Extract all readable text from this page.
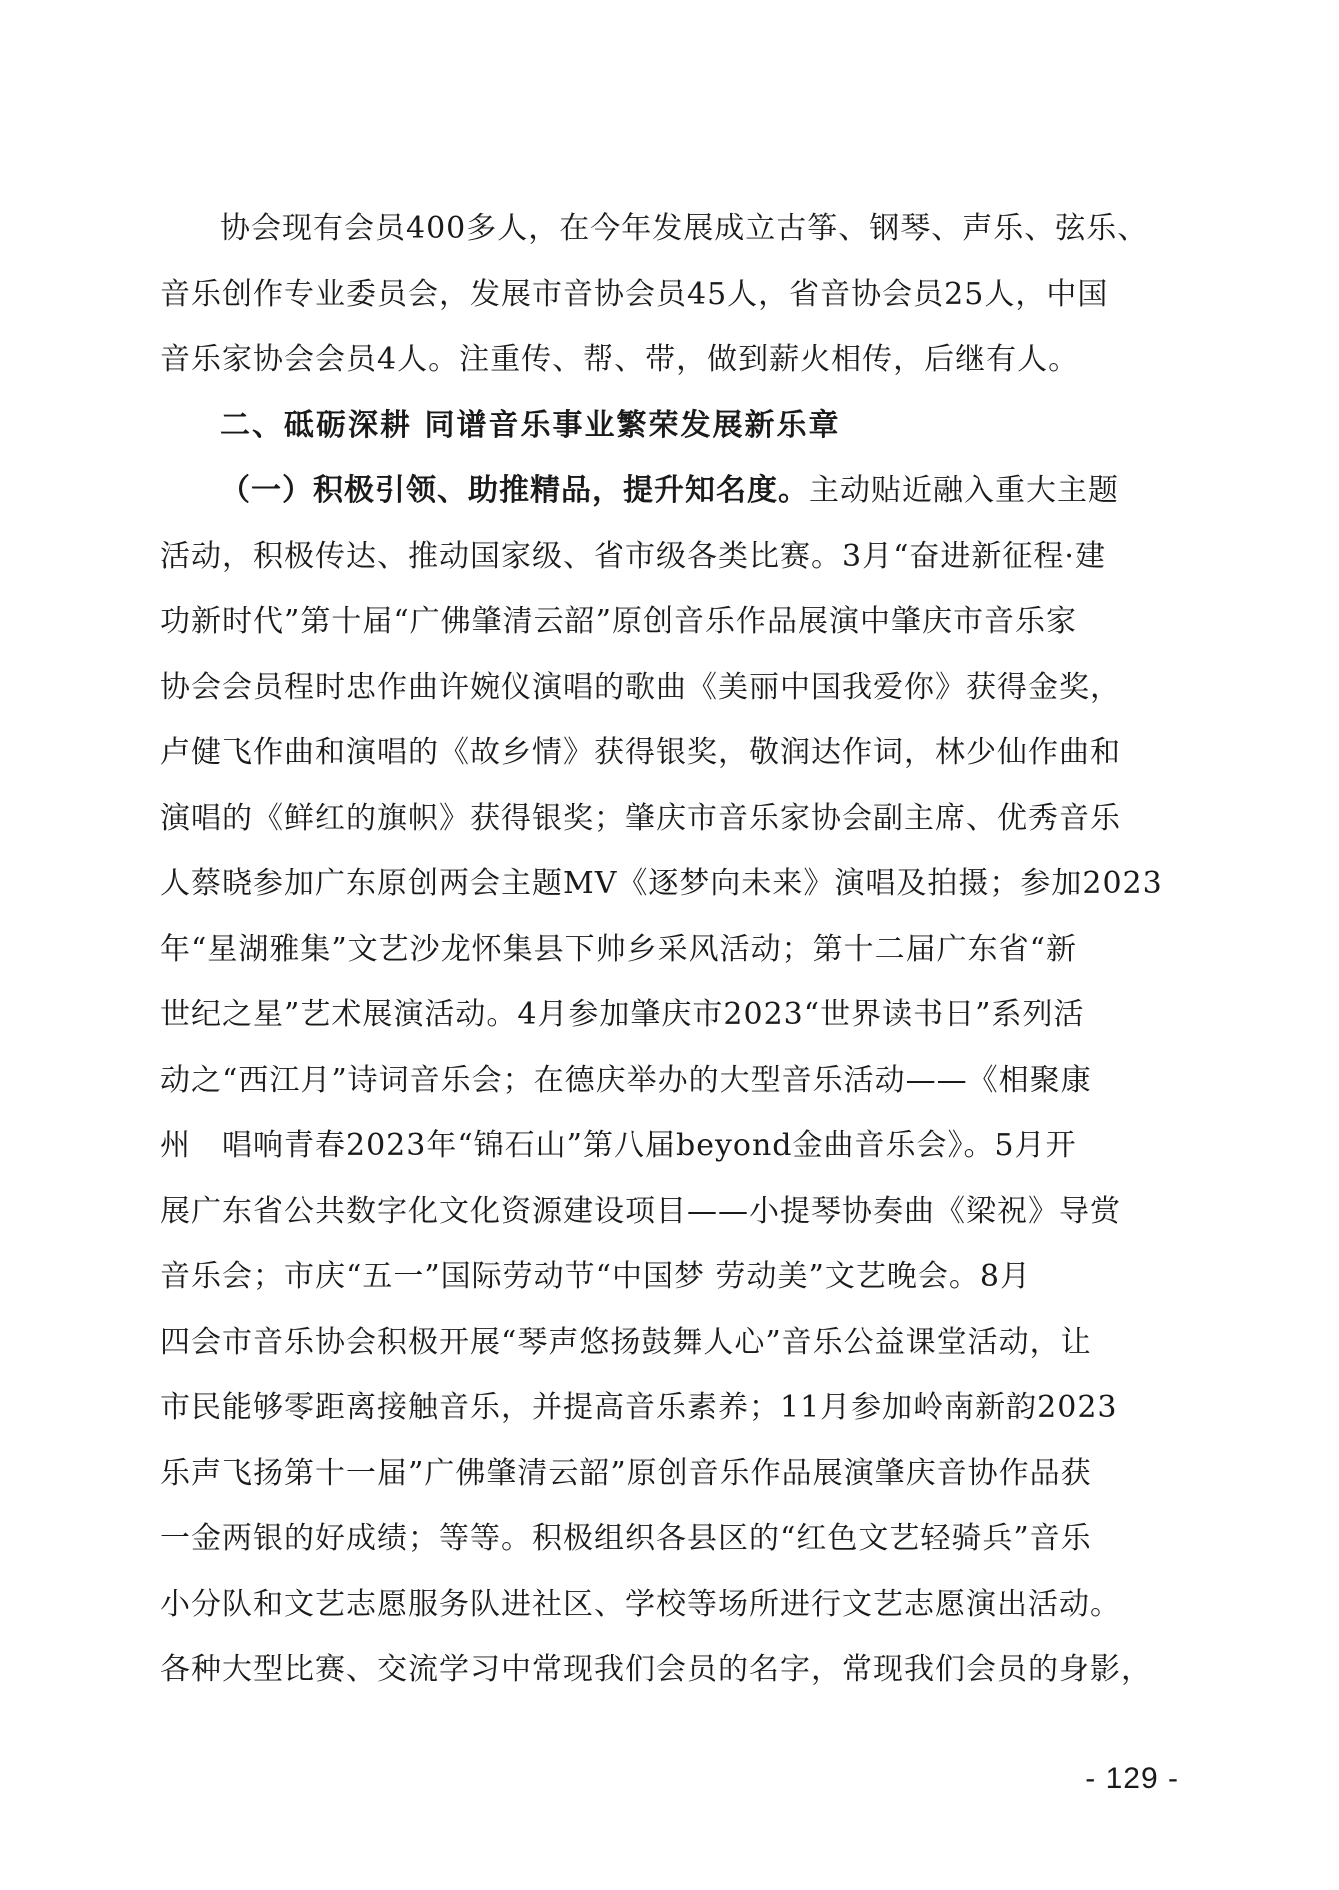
协会现有会员400多人，在今年发展成立古筝、钢琴、声乐、弦乐、
音乐创作专业委员会，发展市音协会员45人，省音协会员25人，中国
音乐家协会会员4人。注重传、帮、带，做到薪火相传，后继有人。
二、砥砺深耕 同谱音乐事业繁荣发展新乐章
（一）积极引领、助推精品，提升知名度。主动贴近融入重大主题
活动，积极传达、推动国家级、省市级各类比赛。3月“奋进新征程·建
功新时代”第十届“广佛肇清云韶”原创音乐作品展演中肇庆市音乐家
协会会员程时忠作曲许婉仪演唱的歌曲《美丽中国我爱你》获得金奖，
卢健飞作曲和演唱的《故乡情》获得银奖，敬润达作词，林少仙作曲和
演唱的《鲜红的旗帜》获得银奖；肇庆市音乐家协会副主席、优秀音乐
人蔡晓参加广东原创两会主题MV《逐梦向未来》演唱及拍摄；参加2023
年“星湖雅集”文艺沙龙怀集县下帅乡采风活动；第十二届广东省“新
世纪之星”艺术展演活动。4月参加肇庆市2023“世界读书日”系列活
动之“西江月”诗词音乐会；在德庆举办的大型音乐活动——《相聚康
州　唱响青春2023年“锦石山”第八届beyond金曲音乐会》。5月开
展广东省公共数字化文化资源建设项目——小提琴协奏曲《梁祝》导赏
音乐会；市庆“五一”国际劳动节“中国梦 劳动美”文艺晚会。8月
四会市音乐协会积极开展“琴声悠扬鼓舞人心”音乐公益课堂活动，让
市民能够零距离接触音乐，并提高音乐素养；11月参加岭南新韵2023
乐声飞扬第十一届”广佛肇清云韶”原创音乐作品展演肇庆音协作品获
一金两银的好成绩；等等。积极组织各县区的“红色文艺轻骑兵”音乐
小分队和文艺志愿服务队进社区、学校等场所进行文艺志愿演出活动。
各种大型比赛、交流学习中常现我们会员的名字，常现我们会员的身影，
- 129 -
